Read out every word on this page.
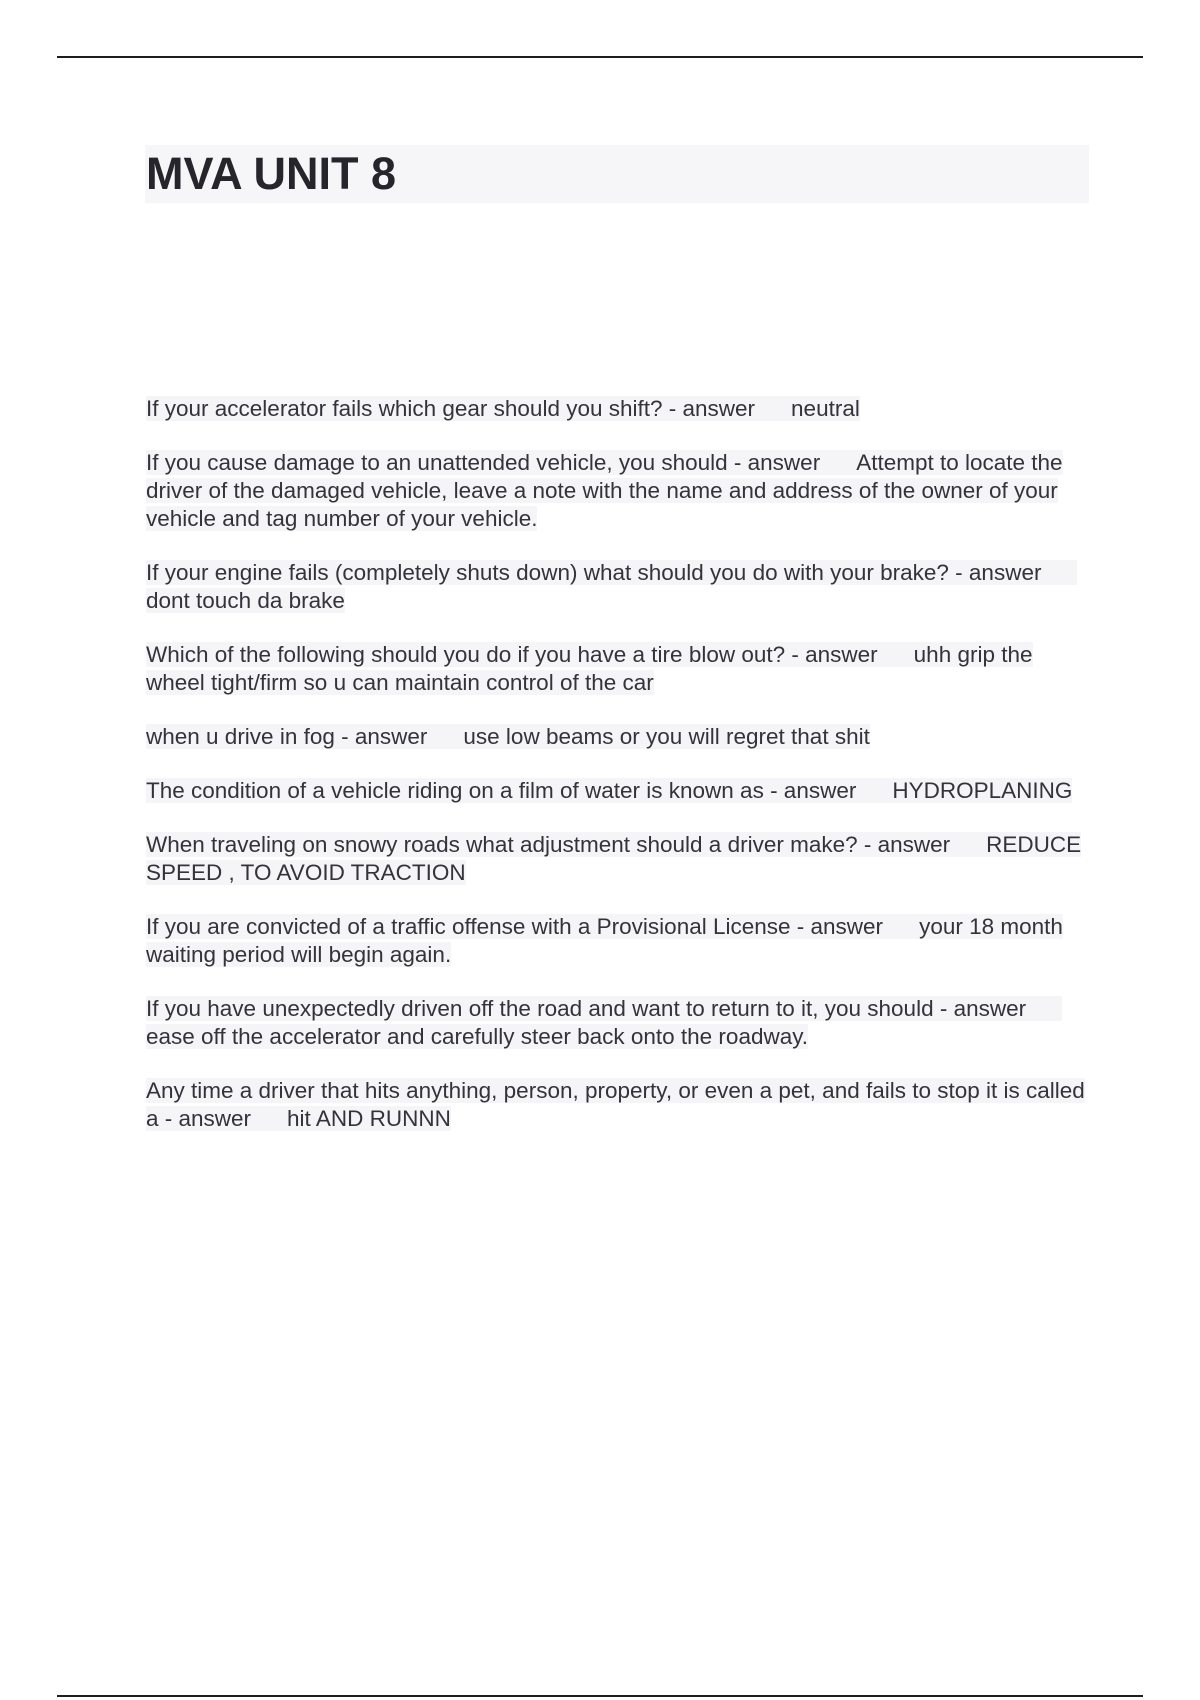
MVA UNIT 8
If your accelerator fails which gear should you shift? - answer neutral
If you cause damage to an unattended vehicle, you should - answer Attempt to locate the driver of the damaged vehicle, leave a note with the name and address of the owner of your vehicle and tag number of your vehicle.
If your engine fails (completely shuts down) what should you do with your brake? - answerdont touch da brake
Which of the following should you do if you have a tire blow out? - answer uhh grip the wheel tight/firm so u can maintain control of the car
when u drive in fog - answer use low beams or you will regret that shit
The condition of a vehicle riding on a film of water is known as - answer HYDROPLANING
When traveling on snowy roads what adjustment should a driver make? - answer REDUCE SPEED , TO AVOID TRACTION
If you are convicted of a traffic offense with a Provisional License - answer your 18 month waiting period will begin again.
If you have unexpectedly driven off the road and want to return to it, you should - answerease off the accelerator and carefully steer back onto the roadway.
Any time a driver that hits anything, person, property, or even a pet, and fails to stop it is called a - answer hit AND RUNNN
